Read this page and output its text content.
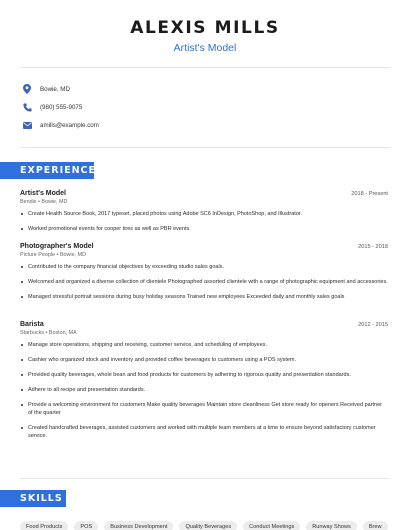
ALEXIS MILLS
Artist's Model
Bowie, MD
(980) 555-9075
amills@example.com
EXPERIENCE
Artist's Model	2018 - Present
Bendix • Bowie, MD
Create Health Source Book, 2017 typeset, placed photos using Adobe SC6 InDesign, PhotoShop, and Illustrator.
Worked promotional events for cooper tires as well as PBR events.
Photographer's Model	2015 - 2018
Picture People • Bowie, MD
Contributed to the company financial objectives by exceeding studio sales goals.
Welcomed and organized a diverse collection of clientele Photographed assorted clientele with a range of photographic equipment and accessories.
Managed stressful portrait sessions during busy holiday seasons Trained new employees Exceeded daily and monthly sales goals
Barista	2012 - 2015
Starbucks • Boston, MA
Manage store operations, shipping and receiving, customer service, and scheduling of employees.
Cashier who organized stock and inventory and provided coffee beverages to customers using a POS system.
Provided quality beverages, whole bean and food products for customers by adhering to rigorous quality and presentation standards.
Adhere to all recipe and presentation standards.
Provide a welcoming environment for customers Make quality beverages Maintain store cleanliness Get store ready for openers Received partner of the quarter
Created handcrafted beverages, assisted customers and worked with multiple team members at a time to ensure beyond satisfactory customer service.
SKILLS
Food Products	POS	Business Development	Quality Beverages	Conduct Meetings	Runway Shows	Brew
